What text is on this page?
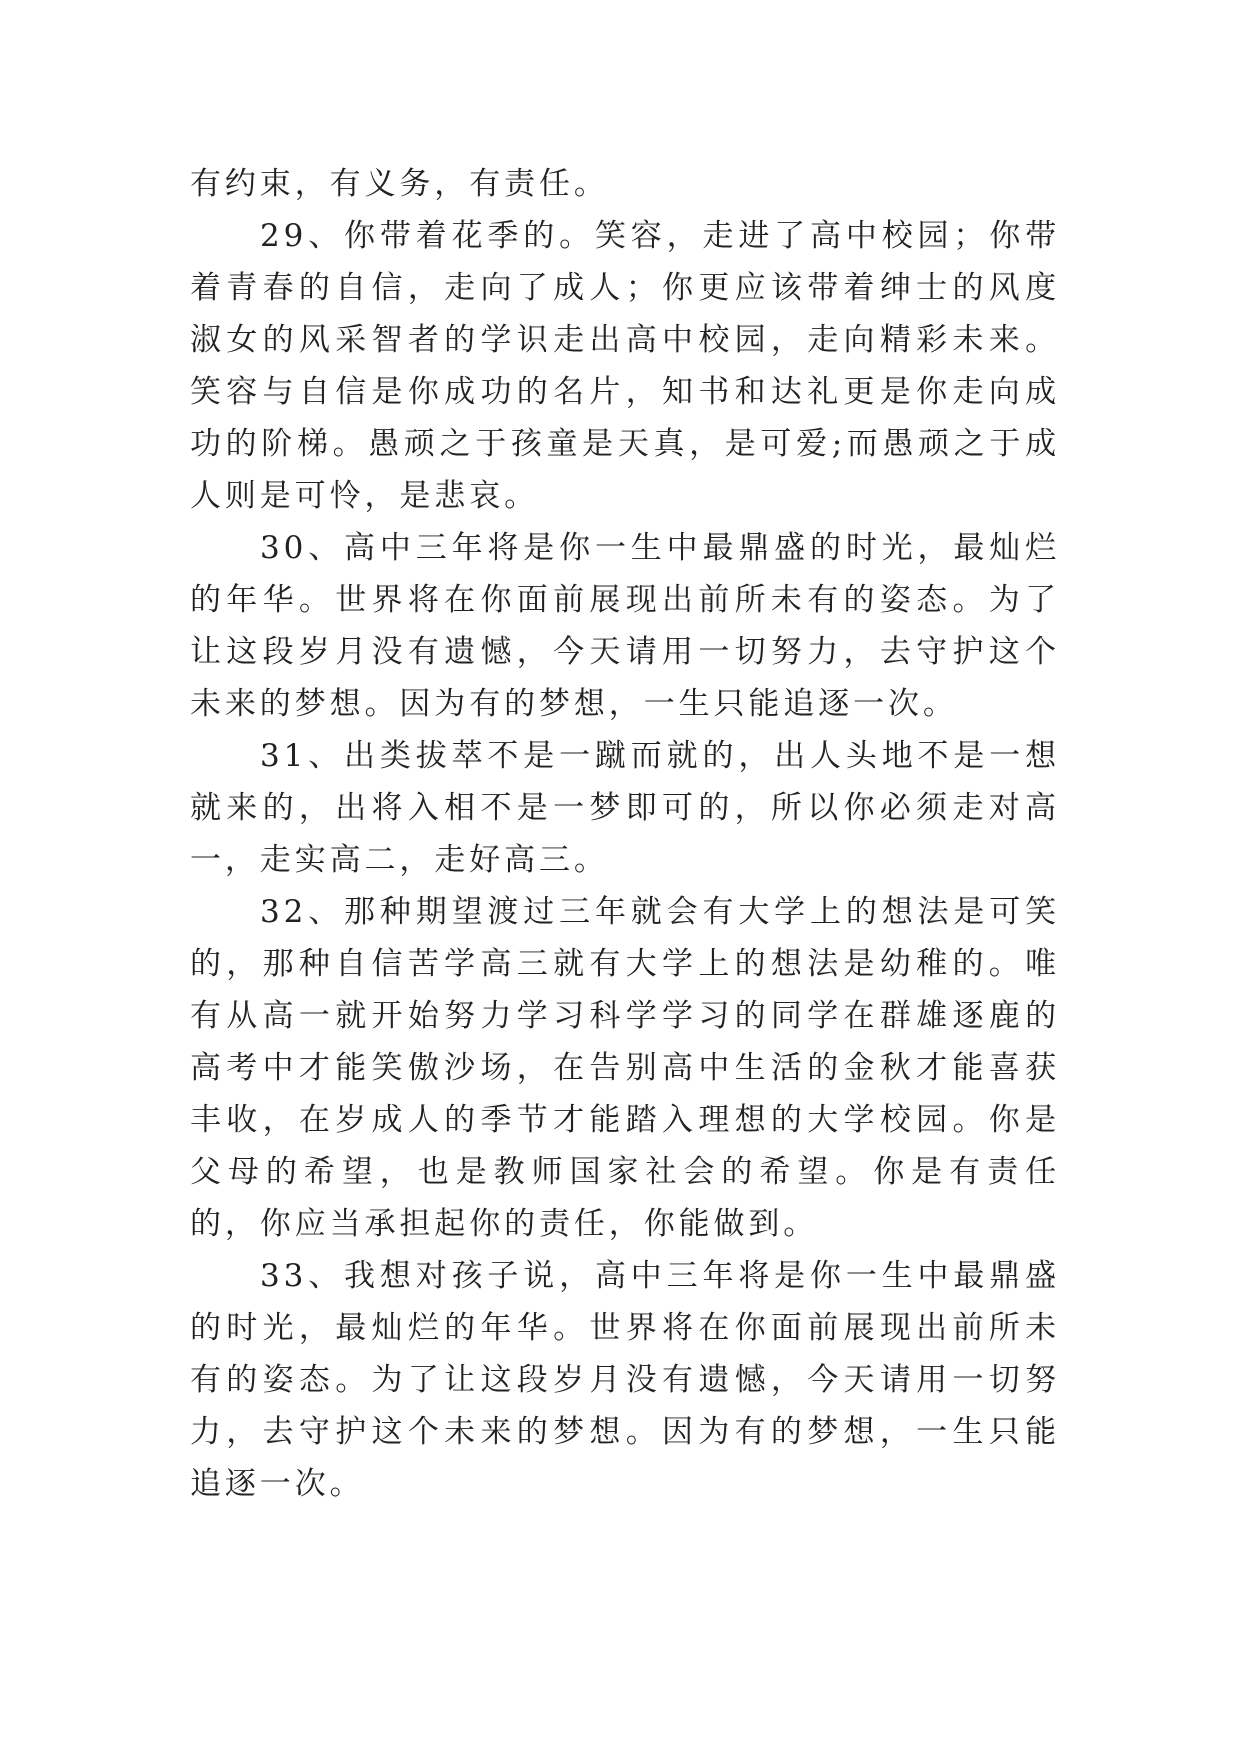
有约束，有义务，有责任。

29、你带着花季的。笑容，走进了高中校园；你带着青春的自信，走向了成人；你更应该带着绅士的风度淑女的风采智者的学识走出高中校园，走向精彩未来。笑容与自信是你成功的名片，知书和达礼更是你走向成功的阶梯。愚顽之于孩童是天真，是可爱;而愚顽之于成人则是可怜，是悲哀。

30、高中三年将是你一生中最鼎盛的时光，最灿烂的年华。世界将在你面前展现出前所未有的姿态。为了让这段岁月没有遗憾，今天请用一切努力，去守护这个未来的梦想。因为有的梦想，一生只能追逐一次。

31、出类拔萃不是一蹴而就的，出人头地不是一想就来的，出将入相不是一梦即可的，所以你必须走对高一，走实高二，走好高三。

32、那种期望渡过三年就会有大学上的想法是可笑的，那种自信苦学高三就有大学上的想法是幼稚的。唯有从高一就开始努力学习科学学习的同学在群雄逐鹿的高考中才能笑傲沙场，在告别高中生活的金秋才能喜获丰收，在岁成人的季节才能踏入理想的大学校园。你是父母的希望，也是教师国家社会的希望。你是有责任的，你应当承担起你的责任，你能做到。

33、我想对孩子说，高中三年将是你一生中最鼎盛的时光，最灿烂的年华。世界将在你面前展现出前所未有的姿态。为了让这段岁月没有遗憾，今天请用一切努力，去守护这个未来的梦想。因为有的梦想，一生只能追逐一次。
